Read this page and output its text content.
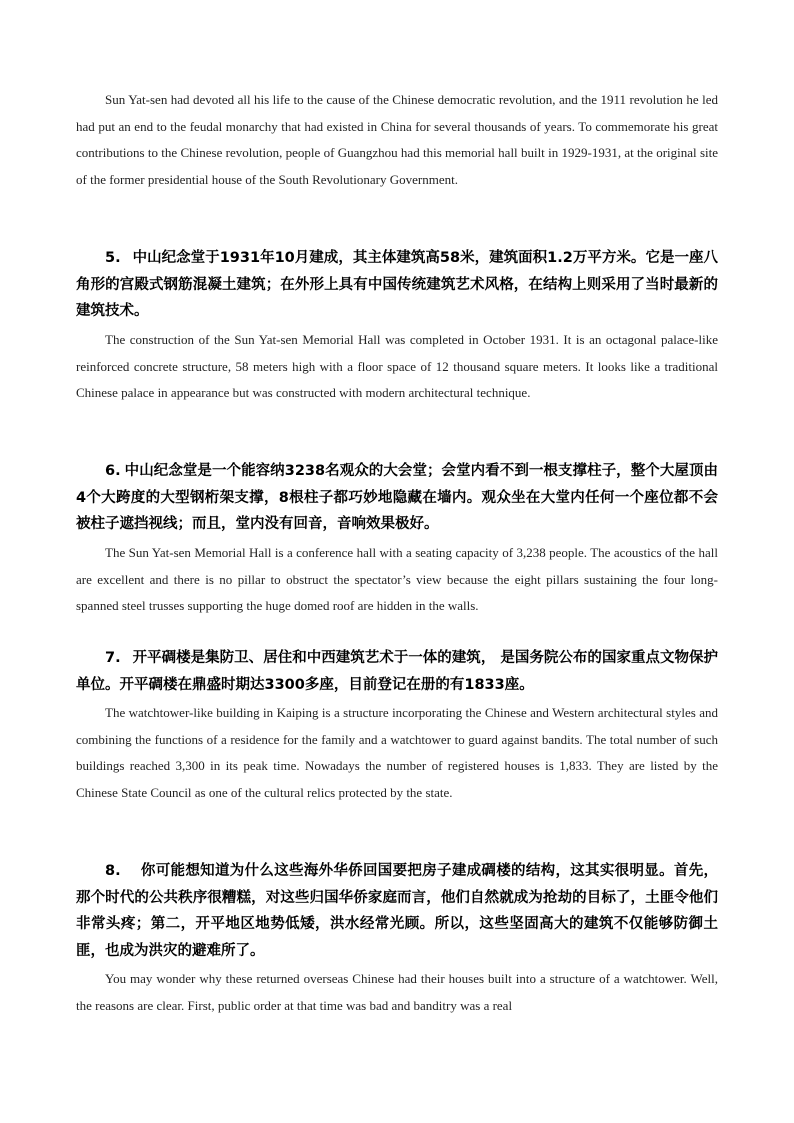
Sun Yat-sen had devoted all his life to the cause of the Chinese democratic revolution, and the 1911 revolution he led had put an end to the feudal monarchy that had existed in China for several thousands of years. To commemorate his great contributions to the Chinese revolution, people of Guangzhou had this memorial hall built in 1929-1931, at the original site of the former presidential house of the South Revolutionary Government.

5. 中山纪念堂于1931年10月建成，其主体建筑高58米，建筑面积1.2万平方米。它是一座八角形的宫殿式钢筋混凝土建筑；在外形上具有中国传统建筑艺术风格，在结构上则采用了当时最新的建筑技术。

The construction of the Sun Yat-sen Memorial Hall was completed in October 1931. It is an octagonal palace-like reinforced concrete structure, 58 meters high with a floor space of 12 thousand square meters. It looks like a traditional Chinese palace in appearance but was constructed with modern architectural technique.

6. 中山纪念堂是一个能容纳3238名观众的大会堂；会堂内看不到一根支撑柱子，整个大屋顶由4个大跨度的大型钢桁架支撑，8根柱子都巧妙地隐藏在墙内。观众坐在大堂内任何一个座位都不会被柱子遮挡视线；而且，堂内没有回音，音响效果极好。

The Sun Yat-sen Memorial Hall is a conference hall with a seating capacity of 3,238 people. The acoustics of the hall are excellent and there is no pillar to obstruct the spectator’s view because the eight pillars sustaining the four long-spanned steel trusses supporting the huge domed roof are hidden in the walls.

7. 开平碉楼是集防卫、居住和中西建筑艺术于一体的建筑， 是国务院公布的国家重点文物保护单位。开平碉楼在鼎盛时期达3300多座，目前登记在册的有1833座。

The watchtower-like building in Kaiping is a structure incorporating the Chinese and Western architectural styles and combining the functions of a residence for the family and a watchtower to guard against bandits. The total number of such buildings reached 3,300 in its peak time. Nowadays the number of registered houses is 1,833. They are listed by the Chinese State Council as one of the cultural relics protected by the state.

8. 你可能想知道为什么这些海外华侨回国要把房子建成碉楼的结构，这其实很明显。首先，那个时代的公共秩序很糟糕，对这些归国华侨家庭而言，他们自然就成为抢劫的目标了，土匪令他们非常头疼；第二，开平地区地势低矮，洪水经常光顾。所以，这些坚固高大的建筑不仅能够防御土匪，也成为洪灾的避难所了。

You may wonder why these returned overseas Chinese had their houses built into a structure of a watchtower. Well, the reasons are clear. First, public order at that time was bad and banditry was a real
